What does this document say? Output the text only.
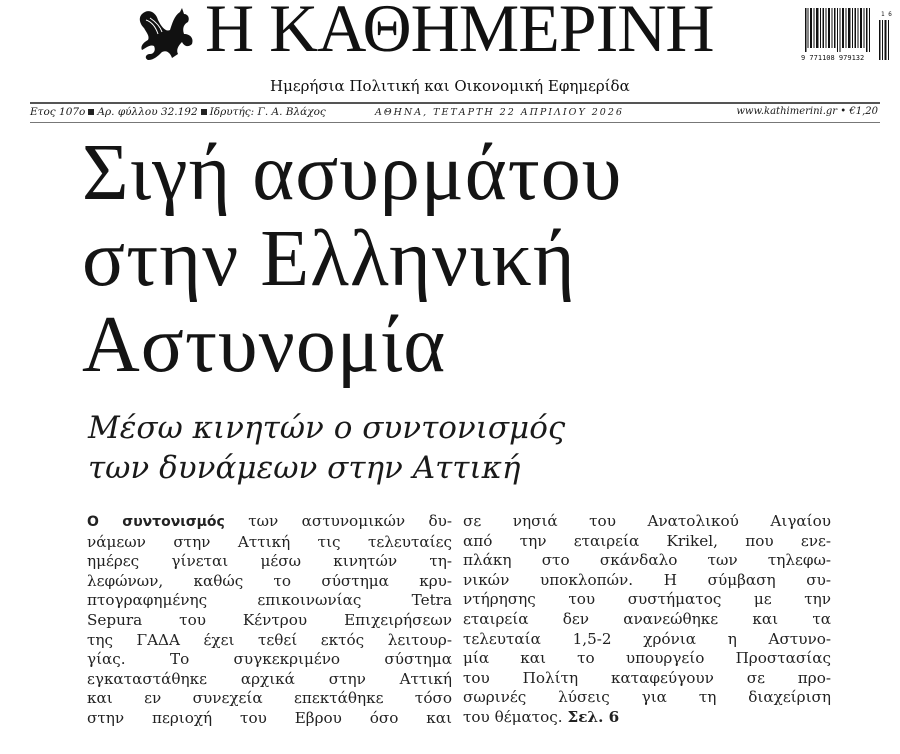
Η ΚΑΘΗΜΕΡΙΝΗ
Ημερήσια Πολιτική και Οικονομική Εφημερίδα
9 771108 979132
1 6
Ετος 107ο Αρ. φύλλου 32.192 Ιδρυτής: Γ. Α. Βλάχος	ΑΘΗΝΑ, ΤΕΤΑΡΤΗ 22 ΑΠΡΙΛΙΟΥ 2026	www.kathimerini.gr • €1,20
Σιγή ασυρμάτου
στην Ελληνική
Αστυνομία
Μέσω κινητών ο συντονισμός
των δυνάμεων στην Αττική
Ο συντονισμός των αστυνομικών δυ-
νάμεων στην Αττική τις τελευταίες
ημέρες γίνεται μέσω κινητών τη-
λεφώνων, καθώς το σύστημα κρυ-
πτογραφημένης επικοινωνίας Tetra
Sepura του Κέντρου Επιχειρήσεων
της ΓΑΔΑ έχει τεθεί εκτός λειτουρ-
γίας. Το συγκεκριμένο σύστημα
εγκαταστάθηκε αρχικά στην Αττική
και εν συνεχεία επεκτάθηκε τόσο
στην περιοχή του Εβρου όσο και
σε νησιά του Ανατολικού Αιγαίου
από την εταιρεία Krikel, που ενε-
πλάκη στο σκάνδαλο των τηλεφω-
νικών υποκλοπών. Η σύμβαση συ-
ντήρησης του συστήματος με την
εταιρεία δεν ανανεώθηκε και τα
τελευταία 1,5-2 χρόνια η Αστυνο-
μία και το υπουργείο Προστασίας
του Πολίτη καταφεύγουν σε προ-
σωρινές λύσεις για τη διαχείριση
του θέματος. Σελ. 6
